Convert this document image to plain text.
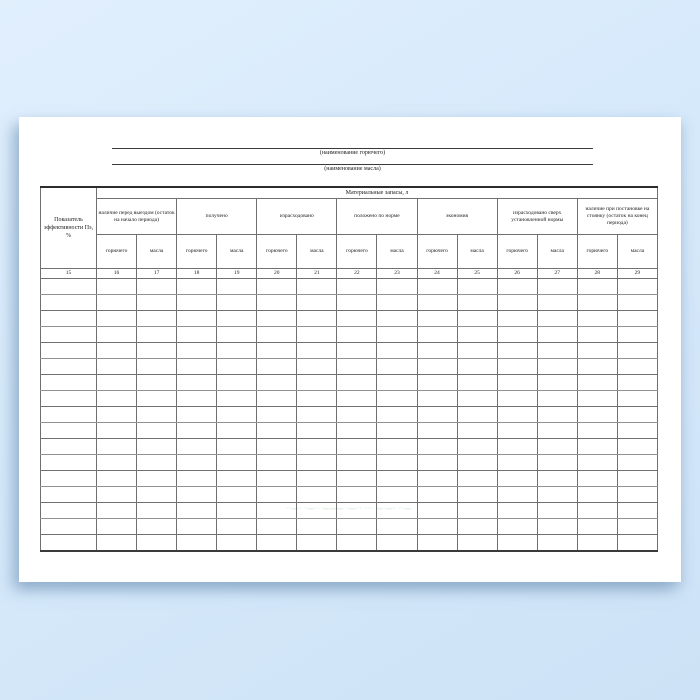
(наименование горючего)
(наименование масла)
Показатель эффективности Пэ, %	Материальные запасы, л													
	наличие перед выездом (остаток на начало периода)		получено		израсходовано		положено по норме		экономия		израсходовано сверх установленной нормы		наличие при постановке на стоянку (остаток на конец периода)	
	горючего	масла	горючего	масла	горючего	масла	горючего	масла	горючего	масла	горючего	масла	горючего	масла
15	16	17	18	19	20	21	22	23	24	25	26	27	28	29

··—· ·—·· ——— ·—·· ··· —·—· ··—
